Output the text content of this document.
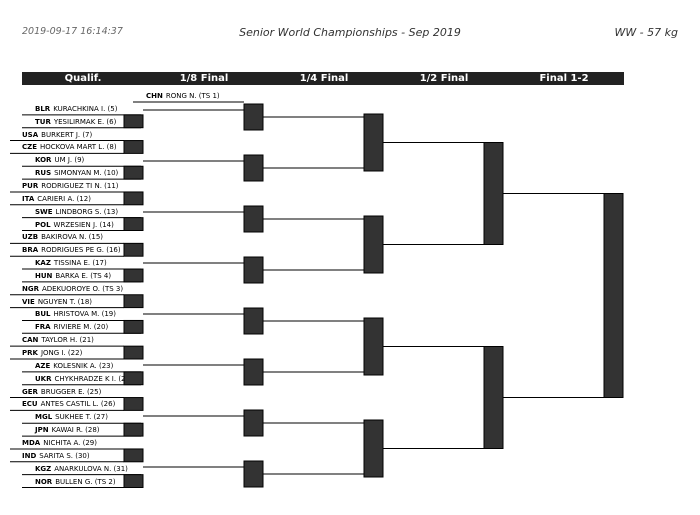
2019-09-17 16:14:37	Senior World Championships - Sep 2019	WW - 57 kg
Qualif.	1/8 Final	1/4 Final	1/2 Final	Final 1-2
CHN RONG N. (TS 1)
BLR KURACHKINA I. (5)
TUR YESILIRMAK E. (6)
USA BURKERT J. (7)
CZE HOCKOVA MART L. (8)
KOR UM J. (9)
RUS SIMONYAN M. (10)
PUR RODRIGUEZ TI N. (11)
ITA CARIERI A. (12)
SWE LINDBORG S. (13)
POL WRZESIEN J. (14)
UZB BAKIROVA N. (15)
BRA RODRIGUES PE G. (16)
KAZ TISSINA E. (17)
HUN BARKA E. (TS 4)
NGR ADEKUOROYE O. (TS 3)
VIE NGUYEN T. (18)
BUL HRISTOVA M. (19)
FRA RIVIERE M. (20)
CAN TAYLOR H. (21)
PRK JONG I. (22)
AZE KOLESNIK A. (23)
UKR CHYKHRADZE K I. (2
GER BRUGGER E. (25)
ECU ANTES CASTIL L. (26)
MGL SUKHEE T. (27)
JPN KAWAI R. (28)
MDA NICHITA A. (29)
IND SARITA S. (30)
KGZ ANARKULOVA N. (31)
NOR BULLEN G. (TS 2)
